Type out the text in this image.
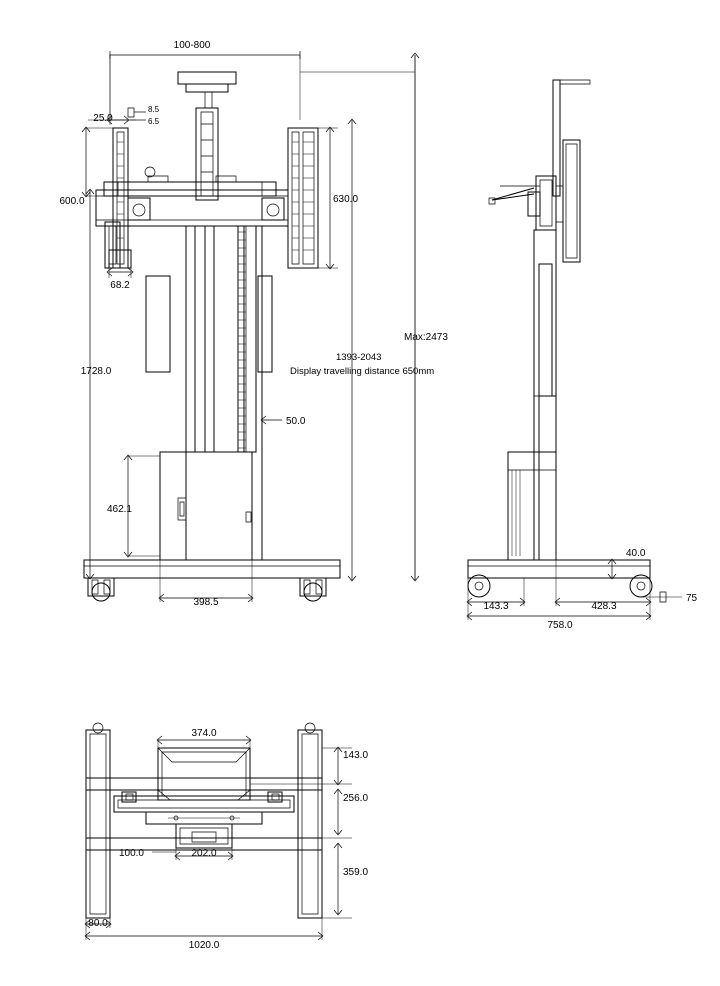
100-800
25.0
8.5
6.5
600.0	630.0
68.2
1728.0
462.1
50.0
398.5
Max:2473
1393-2043
Display travelling distance 650mm
40.0
75
143.3	428.3
758.0
374.0
143.0
256.0
359.0
100.0	202.0
80.0
1020.0
